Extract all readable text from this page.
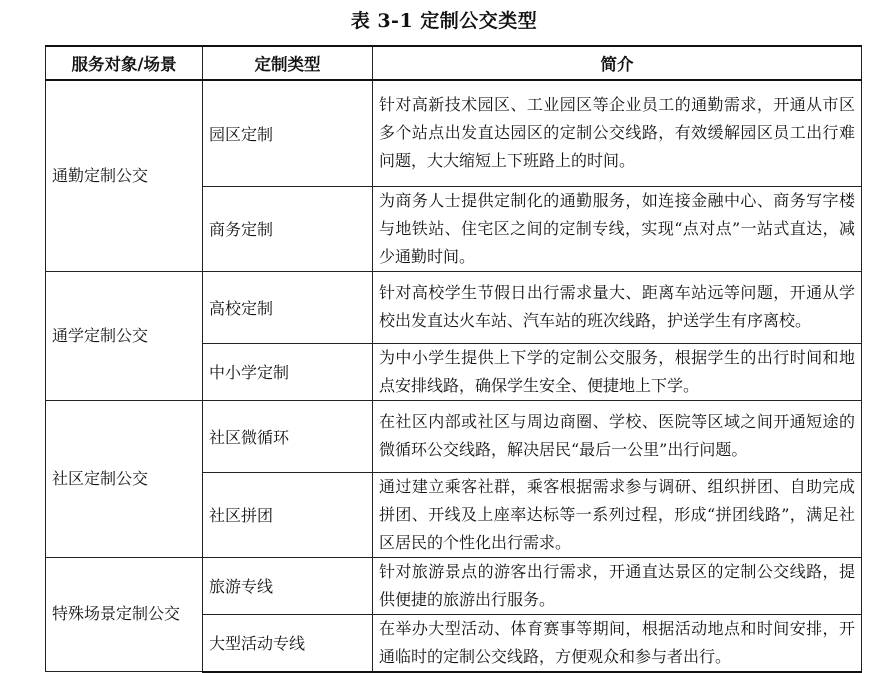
表 3-1 定制公交类型
服务对象/场景	定制类型	简介
通勤定制公交	园区定制	针对高新技术园区、工业园区等企业员工的通勤需求，开通从市区多个站点出发直达园区的定制公交线路，有效缓解园区员工出行难问题，大大缩短上下班路上的时间。
	商务定制	为商务人士提供定制化的通勤服务，如连接金融中心、商务写字楼与地铁站、住宅区之间的定制专线，实现“点对点”一站式直达，减少通勤时间。
通学定制公交	高校定制	针对高校学生节假日出行需求量大、距离车站远等问题，开通从学校出发直达火车站、汽车站的班次线路，护送学生有序离校。
	中小学定制	为中小学生提供上下学的定制公交服务，根据学生的出行时间和地点安排线路，确保学生安全、便捷地上下学。
社区定制公交	社区微循环	在社区内部或社区与周边商圈、学校、医院等区域之间开通短途的微循环公交线路，解决居民“最后一公里”出行问题。
	社区拼团	通过建立乘客社群，乘客根据需求参与调研、组织拼团、自助完成拼团、开线及上座率达标等一系列过程，形成“拼团线路”，满足社区居民的个性化出行需求。
特殊场景定制公交	旅游专线	针对旅游景点的游客出行需求，开通直达景区的定制公交线路，提供便捷的旅游出行服务。
	大型活动专线	在举办大型活动、体育赛事等期间，根据活动地点和时间安排，开通临时的定制公交线路，方便观众和参与者出行。
